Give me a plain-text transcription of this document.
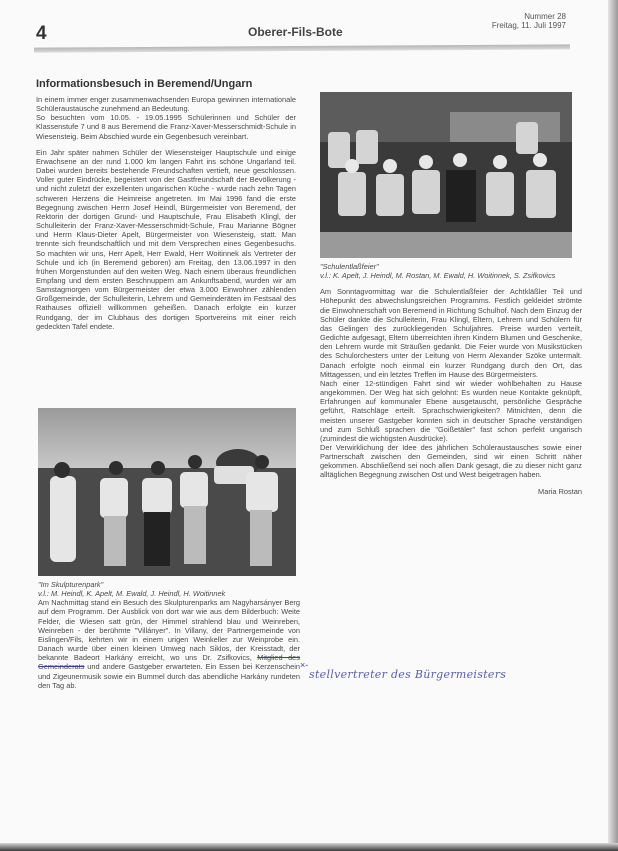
4	Oberer-Fils-Bote
Nummer 28
Freitag, 11. Juli 1997
Informationsbesuch in Beremend/Ungarn

In einem immer enger zusammenwachsenden Europa gewinnen internationale Schüleraustausche zunehmend an Bedeutung.

So besuchten vom 10.05. - 19.05.1995 Schülerinnen und Schüler der Klassenstufe 7 und 8 aus Beremend die Franz-Xaver-Messerschmidt-Schule in Wiesensteig. Beim Abschied wurde ein Gegenbesuch vereinbart.

Ein Jahr später nahmen Schüler der Wiesensteiger Hauptschule und einige Erwachsene an der rund 1.000 km langen Fahrt ins schöne Ungarland teil. Dabei wurden bereits bestehende Freundschaften vertieft, neue geschlossen. Voller guter Eindrücke, begeistert von der Gastfreundschaft der Bevölkerung - und nicht zuletzt der exzellenten ungarischen Küche - wurde nach zehn Tagen schweren Herzens die Heimreise angetreten. Im Mai 1996 fand die erste Begegnung zwischen Herrn Josef Heindl, Bürgermeister von Beremend, der Rektorin der dortigen Grund- und Hauptschule, Frau Elisabeth Klingl, der Schulleiterin der Franz-Xaver-Messerschmidt-Schule, Frau Marianne Bögner und Herrn Klaus-Dieter Apelt, Bürgermeister von Wiesensteig, statt. Man trennte sich freundschaftlich und mit dem Versprechen eines Gegenbesuchs. So machten wir uns, Herr Apelt, Herr Ewald, Herr Woitinnek als Vertreter der Schule und ich (in Beremend geboren) am Freitag, den 13.06.1997 in den frühen Morgenstunden auf den weiten Weg. Nach einem überaus freundlichen Empfang und dem ersten Beschnuppern am Ankunftsabend, wurden wir am Samstagmorgen vom Bürgermeister der etwa 3.000 Einwohner zählenden Großgemeinde, der Schulleiterin, Lehrern und Gemeinderäten im Festsaal des Rathauses offiziell willkommen geheißen. Danach erfolgte ein kurzer Rundgang, der im Clubhaus des dortigen Sportvereins mit einer reich gedeckten Tafel endete.

"Im Skulpturenpark"

v.l.: M. Heindl, K. Apelt, M. Ewald, J. Heindl, H. Woitinnek

Am Nachmittag stand ein Besuch des Skulpturenparks am Nagyharsányer Berg auf dem Programm. Der Ausblick von dort war wie aus dem Bilderbuch: Weite Felder, die Wiesen satt grün, der Himmel strahlend blau und Weinreben, Weinreben - der berühmte "Villányer". In Villany, der Partnergemeinde von Eislingen/Fils, kehrten wir in einem urigen Weinkeller zur Weinprobe ein. Danach wurde über einen kleinen Umweg nach Siklos, der Kreisstadt, der bekannte Badeort Harkány erreicht, wo uns Dr. Zsifkovics, Mitglied des Gemeinderats und andere Gastgeber erwarteten. Ein Essen bei Kerzenschein und Zigeunermusik sowie ein Bummel durch das abendliche Harkány rundeten den Tag ab.

"Schulentlaßfeier"

v.l.: K. Apelt, J. Heindl, M. Rostan, M. Ewald, H. Woitinnek, S. Zsifkovics

Am Sonntagvormittag war die Schulentlaßfeier der Achtkläßler Teil und Höhepunkt des abwechslungsreichen Programms. Festlich gekleidet strömte die Einwohnerschaft von Beremend in Richtung Schulhof. Nach dem Einzug der Schüler dankte die Schulleiterin, Frau Klingl, Eltern, Lehrern und Schülern für das Gelingen des zurückliegenden Schuljahres. Preise wurden verteilt, Gedichte aufgesagt, Eltern überreichten ihren Kindern Blumen und Geschenke, den Lehrern wurde mit Sträußen gedankt. Die Feier wurde von Musikstücken des Schulorchesters unter der Leitung von Herrn Alexander Szöke untermalt. Danach erfolgte noch einmal ein kurzer Rundgang durch den Ort, das Mittagessen, und ein letztes Treffen im Hause des Bürgermeisters.

Nach einer 12-stündigen Fahrt sind wir wieder wohlbehalten zu Hause angekommen. Der Weg hat sich gelohnt: Es wurden neue Kontakte geknüpft, Erfahrungen auf kommunaler Ebene ausgetauscht, persönliche Gespräche geführt, Ratschläge erteilt. Sprachschwierigkeiten? Mitnichten, denn die meisten unserer Gastgeber konnten sich in deutscher Sprache verständigen und zum Schluß sprachen die "Goißetäler" fast schon perfekt ungarisch (zumindest die wichtigsten Ausdrücke).

Der Verwirklichung der Idee des jährlichen Schüleraustausches sowie einer Partnerschaft zwischen den Gemeinden, sind wir einen Schritt näher gekommen. Abschließend sei noch allen Dank gesagt, die zu dieser nicht ganz alltäglichen Begegnung zwischen Ost und West beigetragen haben.

Maria Rostan

×-
stellvertreter des Bürgermeisters
